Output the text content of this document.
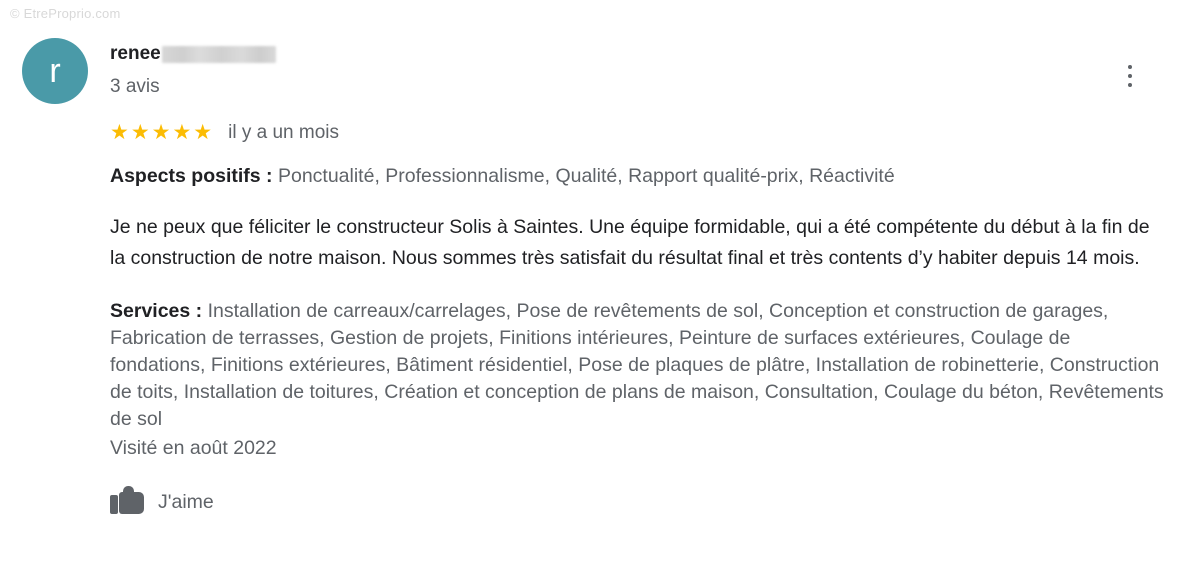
© EtreProprio.com
r	renee
3 avis
★★★★★ il y a un mois
Aspects positifs : Ponctualité, Professionnalisme, Qualité, Rapport qualité-prix, Réactivité
Je ne peux que féliciter le constructeur Solis à Saintes. Une équipe formidable, qui a été compétente du début à la fin de la construction de notre maison. Nous sommes très satisfait du résultat final et très contents d’y habiter depuis 14 mois.
Services : Installation de carreaux/carrelages, Pose de revêtements de sol, Conception et construction de garages, Fabrication de terrasses, Gestion de projets, Finitions intérieures, Peinture de surfaces extérieures, Coulage de fondations, Finitions extérieures, Bâtiment résidentiel, Pose de plaques de plâtre, Installation de robinetterie, Construction de toits, Installation de toitures, Création et conception de plans de maison, Consultation, Coulage du béton, Revêtements de sol
Visité en août 2022
J'aime
